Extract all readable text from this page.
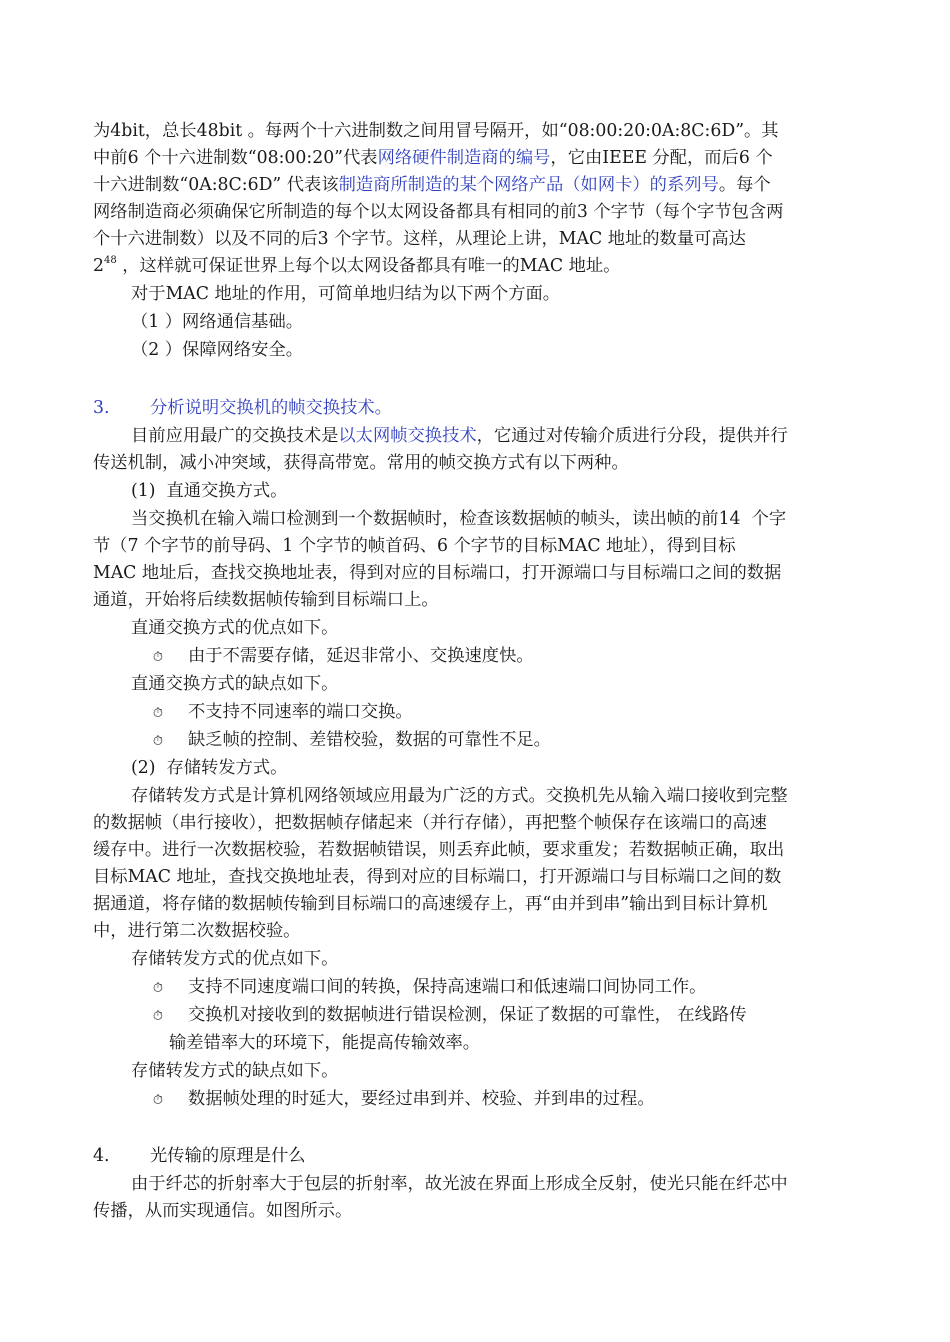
为4bit，总长48bit 。每两个十六进制数之间用冒号隔开，如“08:00:20:0A:8C:6D”。其
中前6 个十六进制数“08:00:20”代表网络硬件制造商的编号，它由IEEE 分配，而后6 个
十六进制数“0A:8C:6D” 代表该制造商所制造的某个网络产品（如网卡）的系列号。每个
网络制造商必须确保它所制造的每个以太网设备都具有相同的前3 个字节（每个字节包含两
个十六进制数）以及不同的后3 个字节。这样，从理论上讲，MAC 地址的数量可高达
$2^{48}$ ，这样就可保证世界上每个以太网设备都具有唯一的MAC 地址。
对于MAC 地址的作用，可简单地归结为以下两个方面。
（1 ）网络通信基础。
（2 ）保障网络安全。
3. 分析说明交换机的帧交换技术。
目前应用最广的交换技术是以太网帧交换技术，它通过对传输介质进行分段，提供并行
传送机制，减小冲突域，获得高带宽。常用的帧交换方式有以下两种。
(1)  直通交换方式。
当交换机在输入端口检测到一个数据帧时，检查该数据帧的帧头，读出帧的前14  个字
节（7 个字节的前导码、1 个字节的帧首码、6 个字节的目标MAC 地址），得到目标
MAC 地址后，查找交换地址表，得到对应的目标端口，打开源端口与目标端口之间的数据
通道，开始将后续数据帧传输到目标端口上。
直通交换方式的优点如下。
⏱ 由于不需要存储，延迟非常小、交换速度快。
直通交换方式的缺点如下。
⏱ 不支持不同速率的端口交换。
⏱ 缺乏帧的控制、差错校验，数据的可靠性不足。
(2)  存储转发方式。
存储转发方式是计算机网络领域应用最为广泛的方式。交换机先从输入端口接收到完整
的数据帧（串行接收），把数据帧存储起来（并行存储），再把整个帧保存在该端口的高速
缓存中。进行一次数据校验，若数据帧错误，则丢弃此帧，要求重发；若数据帧正确，取出
目标MAC 地址，查找交换地址表，得到对应的目标端口，打开源端口与目标端口之间的数
据通道，将存储的数据帧传输到目标端口的高速缓存上，再“由并到串”输出到目标计算机
中，进行第二次数据校验。
存储转发方式的优点如下。
⏱ 支持不同速度端口间的转换，保持高速端口和低速端口间协同工作。
⏱ 交换机对接收到的数据帧进行错误检测，保证了数据的可靠性， 在线路传
输差错率大的环境下，能提高传输效率。
存储转发方式的缺点如下。
⏱ 数据帧处理的时延大，要经过串到并、校验、并到串的过程。
4. 光传输的原理是什么
由于纤芯的折射率大于包层的折射率，故光波在界面上形成全反射，使光只能在纤芯中
传播，从而实现通信。如图所示。
